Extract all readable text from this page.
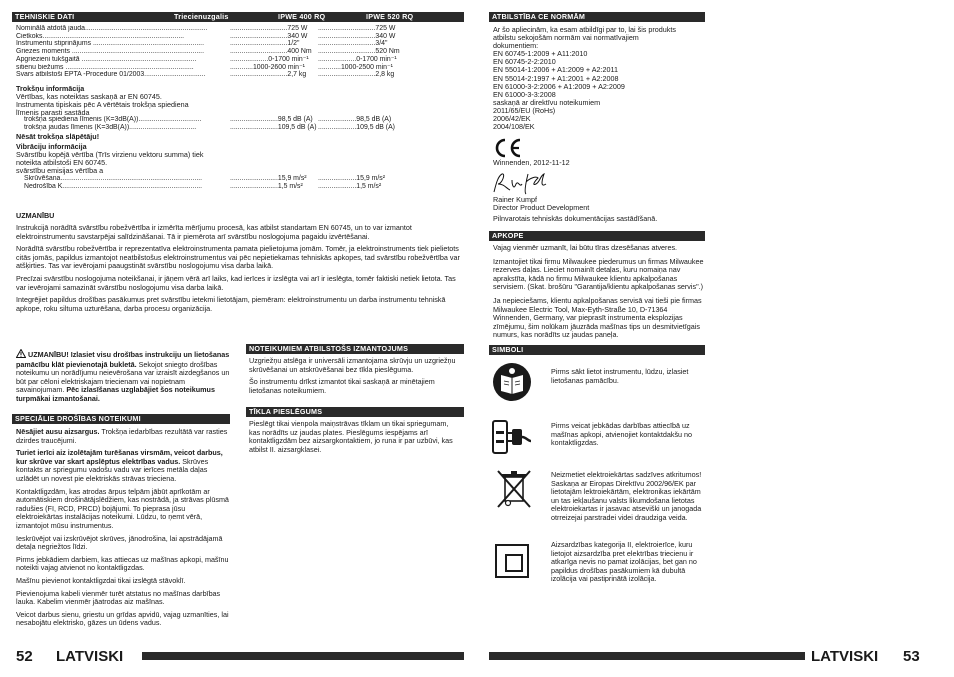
TEHNISKIE DATI	Triecienuzgalis	IPWE 400 RQ	IPWE 520 RQ
Nominālā atdotā jauda................................................................	..............................725 W ..............................725 W
Cietkoks..........................................................................	..............................340 W ..............................340 W
Instrumentu stiprinājums ..........................................................	..............................1/2"	..............................3/4"
Griezes moments .....................................................................	..............................400 Nm ..............................520 Nm
Apgriezieni tukšgaitā ............................................................	....................0-1700 min⁻¹ ....................0-1700 min⁻¹
sitienu biežums ...................................................................	............1000-2600 min⁻¹ ............1000-2500 min⁻¹
Svars atbilstoši EPTA -Procedure 01/2003................................	..............................2,7 kg ..............................2,8 kg
Trokšņu informācija
Vērtības, kas noteiktas saskaņā ar EN 60745.
Instrumenta tipiskais pēc A vērtētais trokšņa spiediena
līmenis parasti sastāda
trokšņa spiediena līmenis (K=3dB(A)).................................	.........................98,5 dB (A) ....................98,5 dB (A)
trokšņa jaudas līmenis (K=3dB(A))...................................	.........................109,5 dB (A) ....................109,5 dB (A)
Nēsāt trokšņa slāpētāju!
Vibrāciju informācija
Svārstību kopējā vērtība (Trīs virzienu vektoru summa) tiek
noteikta atbilstoši EN 60745.
svārstību emisijas vērtība a
Skrūvēšana..........................................................................	.........................15,9 m/s² ....................15,9 m/s²
Nedrošība K.........................................................................	.........................1,5 m/s² ....................1,5 m/s²
UZMANĪBU

Instrukcijā norādītā svārstību robežvērtība ir izmērīta mērījumu procesā, kas atbilst standartam EN 60745, un to var izmantot elektroinstrumentu savstarpējai salīdzināšanai. Tā ir piemērota arī svārstību noslogojuma pagaidu izvērtēšanai.

Norādītā svārstību robežvērtība ir reprezentatīva elektroinstrumenta pamata pielietojuma jomām. Tomēr, ja elektroinstruments tiek pielietots citās jomās, papildus izmantojot neatbilstošus elektroinstrumentus vai pēc nepietiekamas tehniskās apkopes, tad svārstību robežvērtība var atšķirties. Tas var ievērojami paaugstināt svārstību noslogojumu visa darba laikā.

Precīzai svārstību noslogojuma noteikšanai, ir jāņem vērā arī laiks, kad ierīces ir izslēgta vai arī ir ieslēgta, tomēr faktiski netiek lietota. Tas var ievērojami samazināt svārstību noslogojumu visa darba laikā.

Integrējiet papildus drošības pasākumus pret svārstību ietekmi lietotājam, piemēram: elektroinstrumentu un darba instrumentu tehniskā apkope, roku siltuma uzturēšana, darba procesu organizācija.

UZMANĪBU! Izlasiet visu drošības instrukciju un lietošanas pamācību klāt pievienotajā bukletā. Sekojot sniegto drošības noteikumu un norādījumu neievērošana var izraisīt aizdegšanos un būt par cēloni elektriskajam triecienam vai nopietnam savainojumam. Pēc izlasīšanas uzglabājiet šos noteikumus turpmākai izmantošanai.

SPECIĀLIE DROŠĪBAS NOTEIKUMI

Nēsājiet ausu aizsargus. Trokšņa iedarbības rezultātā var rasties dzirdes traucējumi.

Turiet ierīci aiz izolētajām turēšanas virsmām, veicot darbus, kur skrūve var skart apslēptus elektrības vadus. Skrūves kontakts ar spriegumu vadošu vadu var ierīces metāla daļas uzlādēt un novest pie elektriskās strāvas trieciena.

Kontaktligzdām, kas atrodas ārpus telpām jābūt aprīkotām ar automātiskiem drošinātājslēdžiem, kas nostrādā, ja strāvas plūsmā radušies (FI, RCD, PRCD) bojājumi. To pieprasa jūsu elektroiekārtas instalācijas noteikumi. Lūdzu, to ņemt vērā, izmantojot mūsu instrumentus.

Ieskrūvējot vai izskrūvējot skrūves, jānodrošina, lai apstrādājamā detaļa negriežtos līdzi.

Pirms jebkādiem darbiem, kas attiecas uz mašīnas apkopi, mašīnu noteikti vajag atvienot no kontaktligzdas.

Mašīnu pievienot kontaktligzdai tikai izslēgtā stāvoklī.

Pievienojuma kabeli vienmēr turēt atstatus no mašīnas darbības lauka. Kabelim vienmēr jāatrodas aiz mašīnas.

Veicot darbus sienu, griestu un grīdas apvidū, vajag uzmanīties, lai nesabojātu elektrisko, gāzes un ūdens vadus.

NOTEIKUMIEM ATBILSTOŠS IZMANTOJUMS

Uzgriežņu atslēga ir universāli izmantojama skrūvju un uzgriežņu skrūvēšanai un atskrūvēšanai bez tīkla pieslēguma.

Šo instrumentu drīkst izmantot tikai saskaņā ar minētajiem lietošanas noteikumiem.

TĪKLA PIESLĒGUMS

Pieslēgt tikai vienpola maiņstrāvas tīklam un tikai spriegumam, kas norādīts uz jaudas plates. Pieslēgums iespējams arī kontaktligzdām bez aizsargkontaktiem, jo runa ir par uzbūvi, kas atbilst II. aizsargklasei.

52 LATVISKI
ATBILSTĪBA CE NORMĀM
Ar šo apliecinām, ka esam atbildīgi par to, lai šis produkts
atbilstu sekojošām normām vai normatīvajiem
dokumentiem:
EN 60745-1:2009 + A11:2010
EN 60745-2-2:2010
EN 55014-1:2006 + A1:2009 + A2:2011
EN 55014-2:1997 + A1:2001 + A2:2008
EN 61000-3-2:2006 + A1:2009 + A2:2009
EN 61000-3-3:2008
saskaņā ar direktīvu noteikumiem
2011/65/EU (RoHs)
2006/42/EK
2004/108/EK
Winnenden, 2012-11-12
Rainer Kumpf
Director Product Development
Pilnvarotais tehniskās dokumentācijas sastādīšanā.
APKOPE

Vajag vienmēr uzmanīt, lai būtu tīras dzesēšanas atveres.

Izmantojiet tikai firmu Milwaukee piederumus un firmas Milwaukee rezerves daļas. Lieciet nomainīt detaļas, kuru nomaiņa nav aprakstīta, kādā no firmu Milwaukee klientu apkalpošanas servisiem. (Skat. brošūru "Garantija/klientu apkalpošanas servis".)

Ja nepieciešams, klientu apkalpošanas servisā vai tieši pie firmas Milwaukee Electric Tool, Max-Eyth-Straße 10, D-71364 Winnenden, Germany, var pieprasīt instrumenta eksplozijas zīmējumu, šim nolūkam jāuzrāda mašīnas tips un desmitvietīgais numurs, kas norādīts uz jaudas paneļa.

SIMBOLI

Pirms sākt lietot instrumentu, lūdzu, izlasiet lietošanas pamācību.

Pirms veicat jebkādas darbības attiecībā uz mašīnas apkopi, atvienojiet kontaktdakšu no kontaktligzdas.

Neizmetiet elektroiekārtas sadzīves atkritumos! Saskaņa ar Eiropas Direktīvu 2002/96/EK par lietotajām lektroiekārtām, elektronikas iekārtām un tas iekļaušanu valsts likumdošana lietotas elektroiekartas ir jasavac atseviški un janogada otrreizejai parstradei videi draudziga veida.

Aizsardzības kategorija II, elektroierīce, kuru lietojot aizsardzība pret elektrības triecienu ir atkarīga nevis no pamat izolācijas, bet gan no papildus drošības pasākumiem kā dubultā izolācija vai pastiprinātā izolācija.

LATVISKI 53
